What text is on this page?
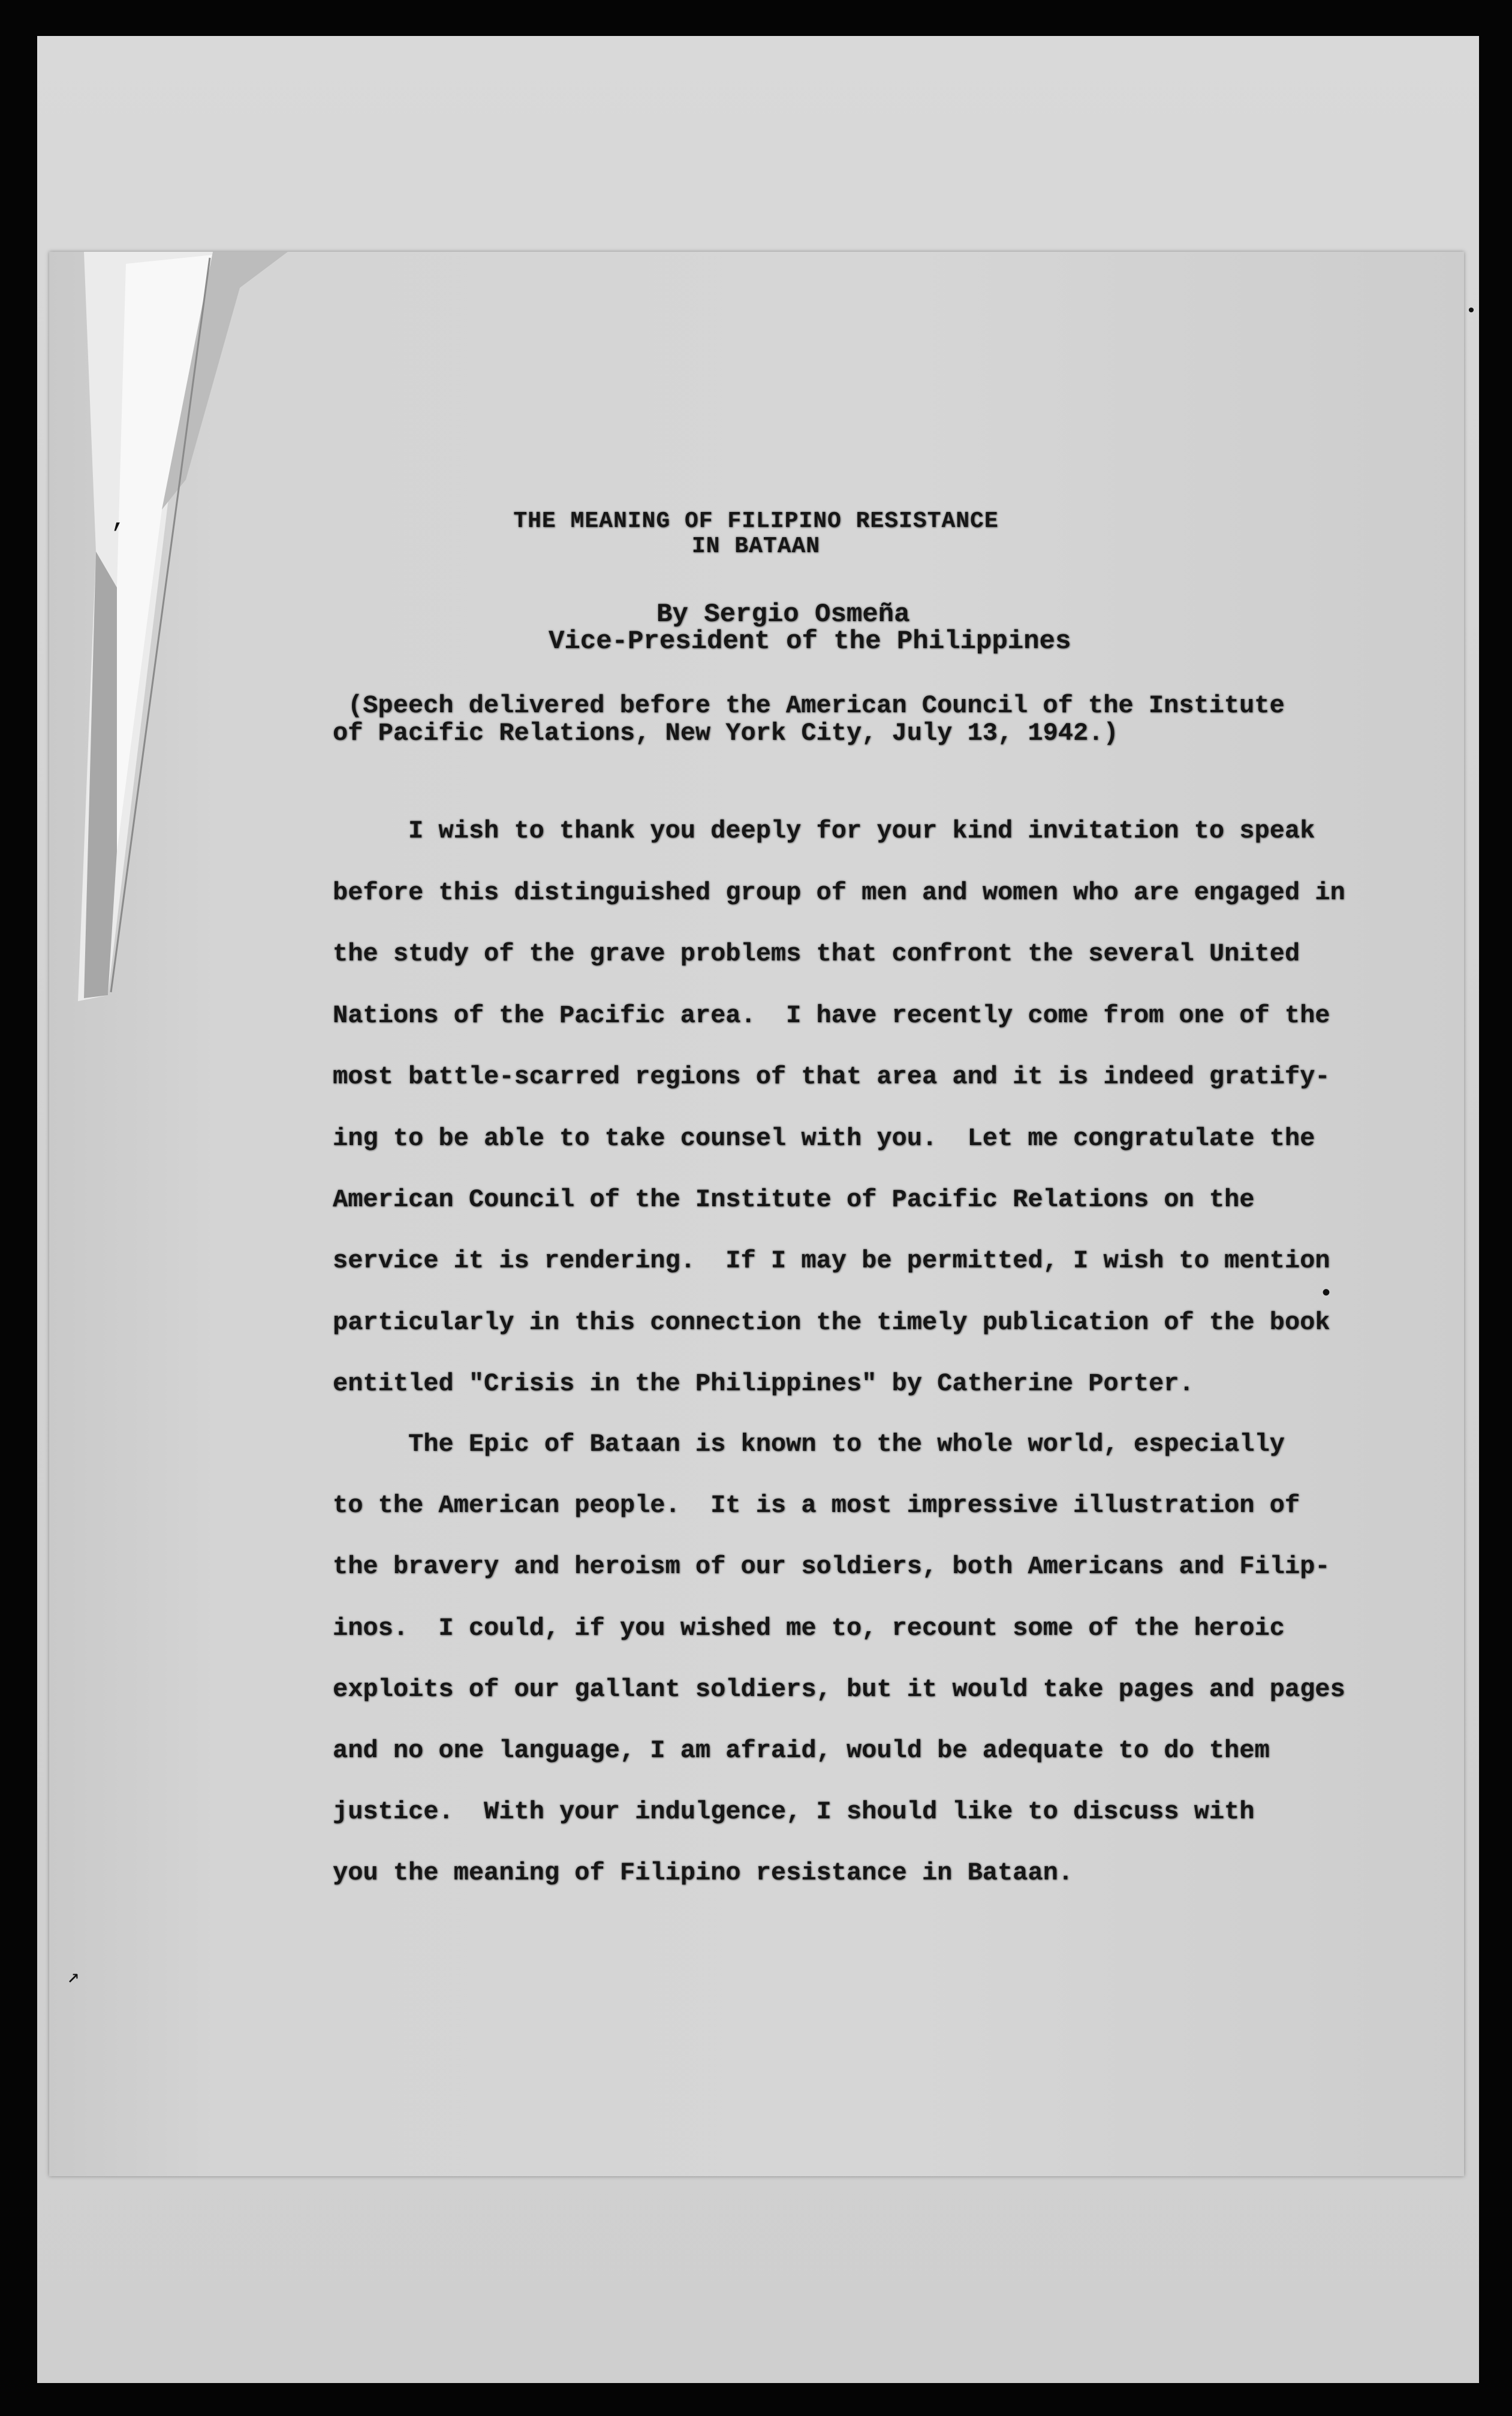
•
•
,
↗
THE MEANING OF FILIPINO RESISTANCE
IN BATAAN
By Sergio Osmeña
Vice-President of the Philippines
(Speech delivered before the American Council of the Institute
of Pacific Relations, New York City, July 13, 1942.)
I wish to thank you deeply for your kind invitation to speak
before this distinguished group of men and women who are engaged in
the study of the grave problems that confront the several United
Nations of the Pacific area.  I have recently come from one of the
most battle-scarred regions of that area and it is indeed gratify-
ing to be able to take counsel with you.  Let me congratulate the
American Council of the Institute of Pacific Relations on the
service it is rendering.  If I may be permitted, I wish to mention
particularly in this connection the timely publication of the book
entitled "Crisis in the Philippines" by Catherine Porter.
The Epic of Bataan is known to the whole world, especially
to the American people.  It is a most impressive illustration of
the bravery and heroism of our soldiers, both Americans and Filip-
inos.  I could, if you wished me to, recount some of the heroic
exploits of our gallant soldiers, but it would take pages and pages
and no one language, I am afraid, would be adequate to do them
justice.  With your indulgence, I should like to discuss with
you the meaning of Filipino resistance in Bataan.
